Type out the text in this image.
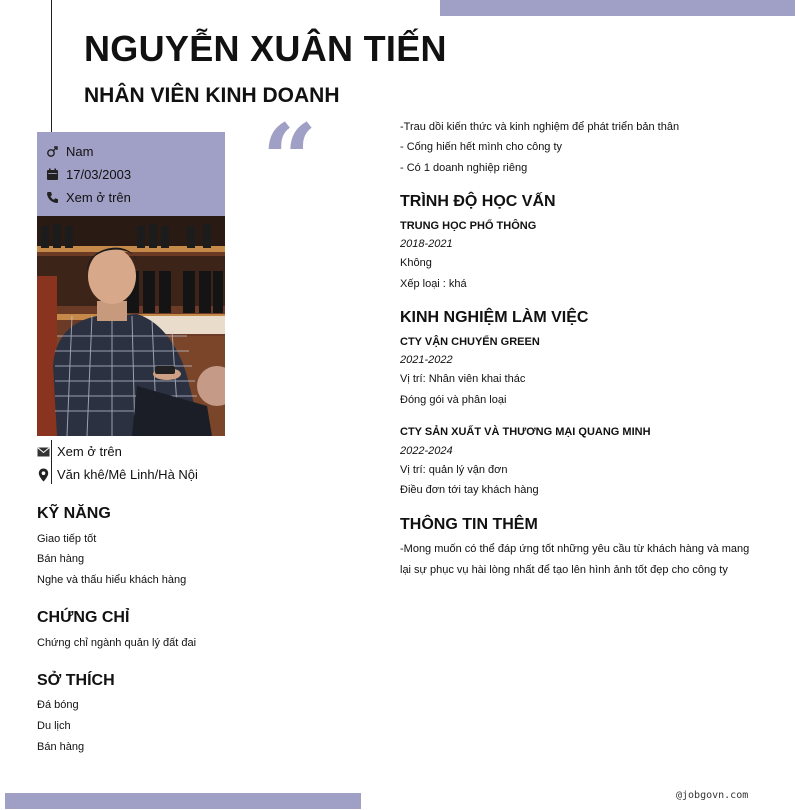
NGUYỄN XUÂN TIẾN
NHÂN VIÊN KINH DOANH
“
Nam
17/03/2003
Xem ở trên
Xem ở trên
Văn khê/Mê Linh/Hà Nội
KỸ NĂNG
Giao tiếp tốt
Bán hàng
Nghe và thấu hiểu khách hàng
CHỨNG CHỈ
Chứng chỉ ngành quản lý đất đai
SỞ THÍCH
Đá bóng
Du lịch
Bán hàng
-Trau dồi kiến thức và kinh nghiệm để phát triển bản thân
- Cống hiến hết mình cho công ty
- Có 1 doanh nghiệp riêng
TRÌNH ĐỘ HỌC VẤN
TRUNG HỌC PHỔ THÔNG
2018-2021
Không
Xếp loại : khá
KINH NGHIỆM LÀM VIỆC
CTY VẬN CHUYỂN GREEN
2021-2022
Vị trí: Nhân viên khai thác
Đóng gói và phân loại
CTY SẢN XUẤT VÀ THƯƠNG MẠI QUANG MINH
2022-2024
Vị trí: quản lý vận đơn
Điều đơn tới tay khách hàng
THÔNG TIN THÊM
-Mong muốn có thể đáp ứng tốt những yêu cầu từ khách hàng và mang
lại sự phục vụ hài lòng nhất để tạo lên hình ảnh tốt đẹp cho công ty
@jobgovn.com
